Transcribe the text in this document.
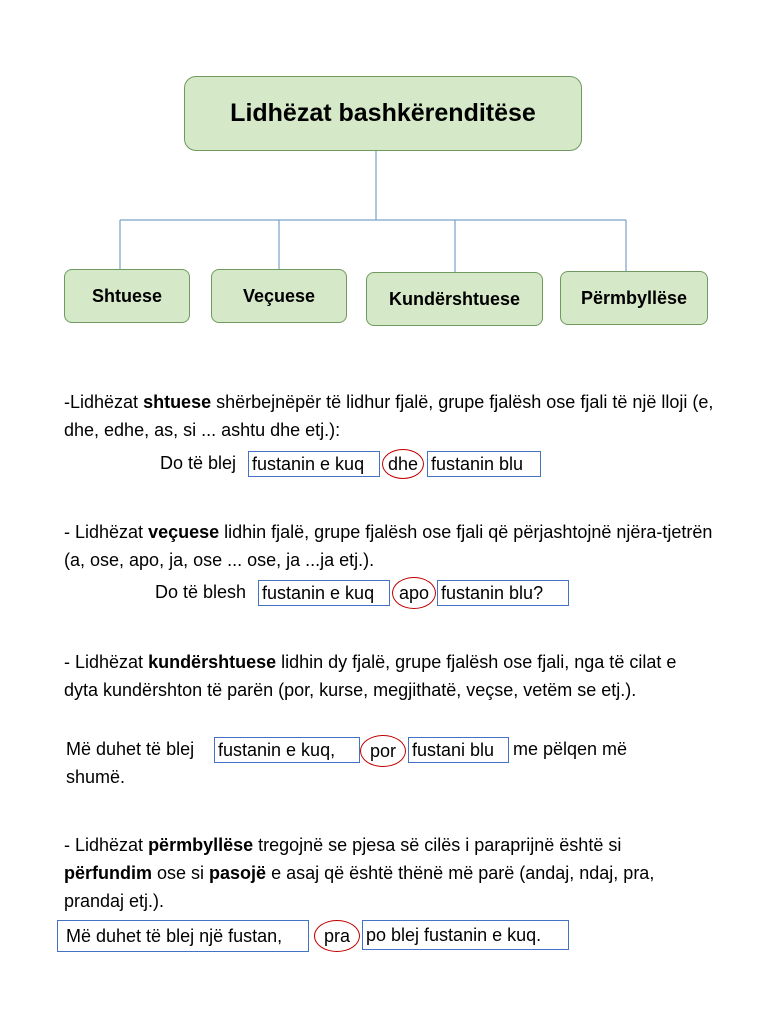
Lidhëzat bashkërenditëse
Shtuese	Veçuese	Kundërshtuese	Përmbyllëse
-Lidhëzat shtuese shërbejnëpër të lidhur fjalë, grupe fjalësh ose fjali të një lloji (e, dhe, edhe, as, si ... ashtu dhe etj.):
Do të blej fustanin e kuq	dhe fustanin blu
- Lidhëzat veçuese lidhin fjalë, grupe fjalësh ose fjali që përjashtojnë njëra-tjetrën (a, ose, apo, ja, ose ... ose, ja ...ja etj.).
Do të blesh fustanin e kuq	apo fustanin blu?
- Lidhëzat kundërshtuese lidhin dy fjalë, grupe fjalësh ose fjali, nga të cilat e dyta kundërshton të parën (por, kurse, megjithatë, veçse, vetëm se etj.).
Më duhet të blej fustanin e kuq,	por fustani blu	me pëlqen më
shumë.
- Lidhëzat përmbyllëse tregojnë se pjesa së cilës i paraprijnë është si përfundim ose si pasojë e asaj që është thënë më parë (andaj, ndaj, pra, prandaj etj.).
Më duhet të blej një fustan,	pra po blej fustanin e kuq.
